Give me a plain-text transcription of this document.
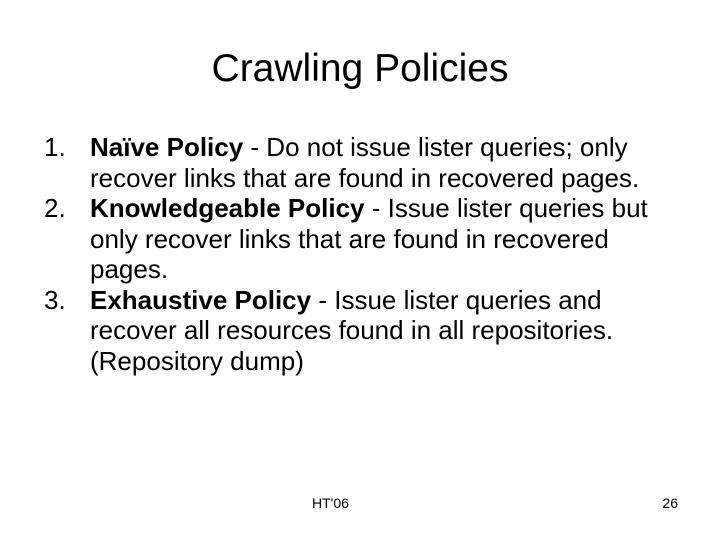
Crawling Policies
1. Naïve Policy - Do not issue lister queries; only recover links that are found in recovered pages.
2. Knowledgeable Policy - Issue lister queries but only recover links that are found in recovered pages.
3. Exhaustive Policy - Issue lister queries and recover all resources found in all repositories.  (Repository dump)
HT'06	26
